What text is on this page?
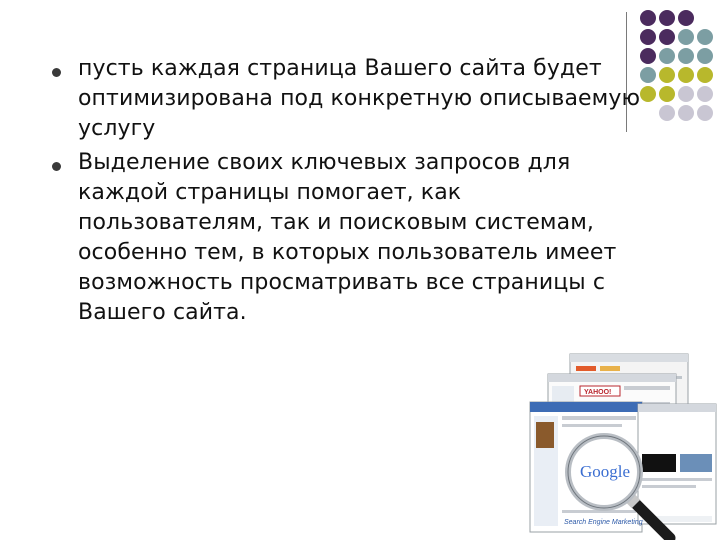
пусть каждая страница Вашего сайта будет оптимизирована под конкретную описываемую услугу
Выделение своих ключевых запросов для каждой страницы помогает, как пользователям, так и поисковым системам, особенно тем, в которых пользователь имеет возможность просматривать все страницы с Вашего сайта.
YAHOO!
Google
Search Engine Marketing
